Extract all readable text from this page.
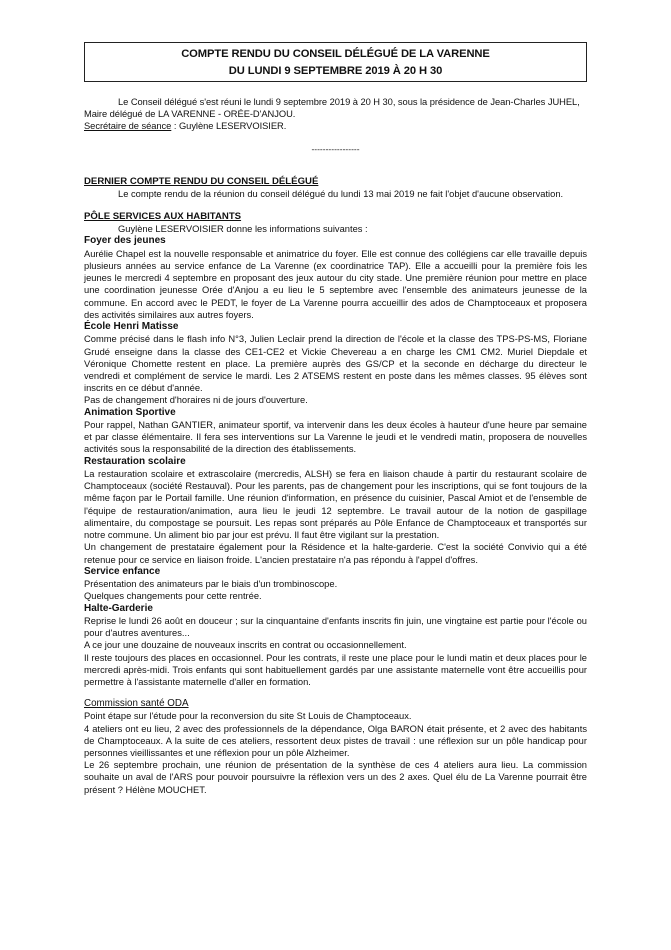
COMPTE RENDU DU CONSEIL DÉLÉGUÉ DE LA VARENNE
DU LUNDI 9 SEPTEMBRE 2019 À 20 H 30
Le Conseil délégué s'est réuni le lundi 9 septembre 2019 à 20 H 30, sous la présidence de Jean-Charles JUHEL,
Maire délégué de LA VARENNE - ORÉE-D'ANJOU.
Secrétaire de séance : Guylène LESERVOISIER.
-----------------
DERNIER COMPTE RENDU DU CONSEIL DÉLÉGUÉ
Le compte rendu de la réunion du conseil délégué du lundi 13 mai 2019 ne fait l'objet d'aucune observation.
PÔLE SERVICES AUX HABITANTS
Guylène LESERVOISIER donne les informations suivantes :
Foyer des jeunes

Aurélie Chapel est la nouvelle responsable et animatrice du foyer. Elle est connue des collégiens car elle travaille depuis plusieurs années au service enfance de La Varenne (ex coordinatrice TAP). Elle a accueilli pour la première fois les jeunes le mercredi 4 septembre en proposant des jeux autour du city stade. Une première réunion pour mettre en place une coordination jeunesse Orée d'Anjou a eu lieu le 5 septembre avec l'ensemble des animateurs jeunesse de la commune. En accord avec le PEDT, le foyer de La Varenne pourra accueillir des ados de Champtoceaux et proposera des activités similaires aux autres foyers.

École Henri Matisse

Comme précisé dans le flash info N°3, Julien Leclair prend la direction de l'école et la classe des TPS-PS-MS, Floriane Grudé enseigne dans la classe des CE1-CE2 et Vickie Chevereau a en charge les CM1 CM2. Muriel Diepdale et Véronique Chomette restent en place. La première auprès des GS/CP et la seconde en décharge du directeur le vendredi et complément de service le mardi. Les 2 ATSEMS restent en poste dans les mêmes classes. 95 élèves sont inscrits en ce début d'année.

Pas de changement d'horaires ni de jours d'ouverture.

Animation Sportive

Pour rappel, Nathan GANTIER, animateur sportif, va intervenir dans les deux écoles à hauteur d'une heure par semaine et par classe élémentaire. Il fera ses interventions sur La Varenne le jeudi et le vendredi matin, proposera de nouvelles activités sous la responsabilité de la direction des établissements.

Restauration scolaire

La restauration scolaire et extrascolaire (mercredis, ALSH) se fera en liaison chaude à partir du restaurant scolaire de Champtoceaux (société Restauval). Pour les parents, pas de changement pour les inscriptions, qui se font toujours de la même façon par le Portail famille. Une réunion d'information, en présence du cuisinier, Pascal Amiot et de l'ensemble de l'équipe de restauration/animation, aura lieu le jeudi 12 septembre. Le travail autour de la notion de gaspillage alimentaire, du compostage se poursuit. Les repas sont préparés au Pôle Enfance de Champtoceaux et transportés sur notre commune. Un aliment bio par jour est prévu. Il faut être vigilant sur la prestation.

Un changement de prestataire également pour la Résidence et la halte-garderie. C'est la société Convivio qui a été retenue pour ce service en liaison froide. L'ancien prestataire n'a pas répondu à l'appel d'offres.

Service enfance

Présentation des animateurs par le biais d'un trombinoscope.

Quelques changements pour cette rentrée.

Halte-Garderie

Reprise le lundi 26 août en douceur ; sur la cinquantaine d'enfants inscrits fin juin, une vingtaine est partie pour l'école ou pour d'autres aventures...

A ce jour une douzaine de nouveaux inscrits en contrat ou occasionnellement.

Il reste toujours des places en occasionnel. Pour les contrats, il reste une place pour le lundi matin et deux places pour le mercredi après-midi. Trois enfants qui sont habituellement gardés par une assistante maternelle vont être accueillis pour permettre à l'assistante maternelle d'aller en formation.

Commission santé ODA

Point étape sur l'étude pour la reconversion du site St Louis de Champtoceaux.

4 ateliers ont eu lieu, 2 avec des professionnels de la dépendance, Olga BARON était présente, et 2 avec des habitants de Champtoceaux. A la suite de ces ateliers, ressortent deux pistes de travail : une réflexion sur un pôle handicap pour personnes vieillissantes et une réflexion pour un pôle Alzheimer.

Le 26 septembre prochain, une réunion de présentation de la synthèse de ces 4 ateliers aura lieu. La commission souhaite un aval de l'ARS pour pouvoir poursuivre la réflexion vers un des 2 axes. Quel élu de La Varenne pourrait être présent ? Hélène MOUCHET.
